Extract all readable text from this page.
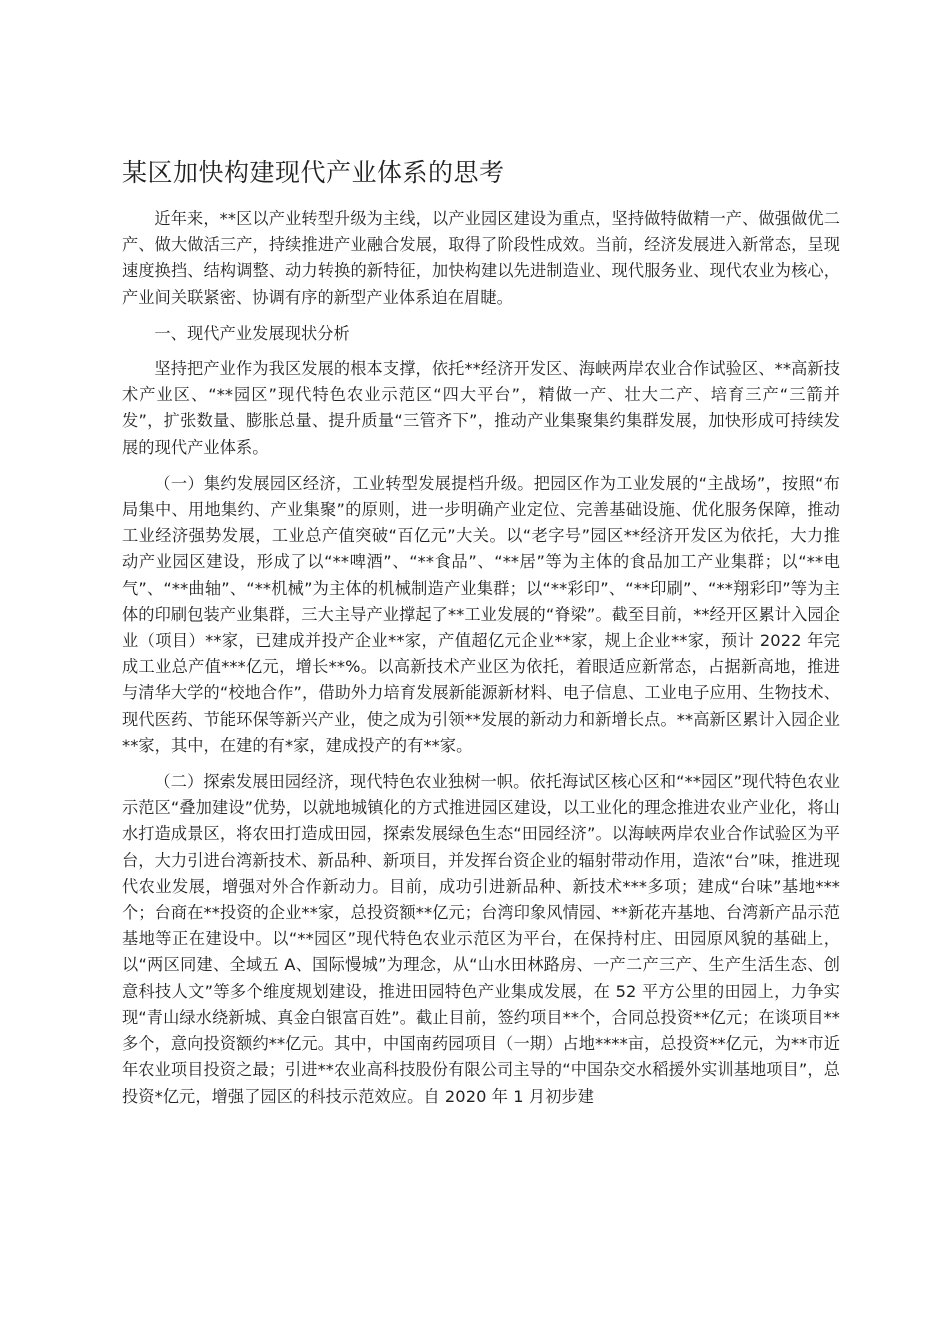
某区加快构建现代产业体系的思考

近年来，**区以产业转型升级为主线，以产业园区建设为重点，坚持做特做精一产、做强做优二产、做大做活三产，持续推进产业融合发展，取得了阶段性成效。当前，经济发展进入新常态，呈现速度换挡、结构调整、动力转换的新特征，加快构建以先进制造业、现代服务业、现代农业为核心，产业间关联紧密、协调有序的新型产业体系迫在眉睫。

一、现代产业发展现状分析

坚持把产业作为我区发展的根本支撑，依托**经济开发区、海峡两岸农业合作试验区、**高新技术产业区、“**园区”现代特色农业示范区“四大平台”，精做一产、壮大二产、培育三产“三箭并发”，扩张数量、膨胀总量、提升质量“三管齐下”，推动产业集聚集约集群发展，加快形成可持续发展的现代产业体系。

（一）集约发展园区经济，工业转型发展提档升级。把园区作为工业发展的“主战场”，按照“布局集中、用地集约、产业集聚”的原则，进一步明确产业定位、完善基础设施、优化服务保障，推动工业经济强势发展，工业总产值突破“百亿元”大关。以“老字号”园区**经济开发区为依托，大力推动产业园区建设，形成了以“**啤酒”、“**食品”、“**居”等为主体的食品加工产业集群；以“**电气”、“**曲轴”、“**机械”为主体的机械制造产业集群；以“**彩印”、“**印刷”、“**翔彩印”等为主体的印刷包装产业集群，三大主导产业撑起了**工业发展的“脊梁”。截至目前，**经开区累计入园企业（项目）**家，已建成并投产企业**家，产值超亿元企业**家，规上企业**家，预计 2022 年完成工业总产值***亿元，增长**%。以高新技术产业区为依托，着眼适应新常态，占据新高地，推进与清华大学的“校地合作”，借助外力培育发展新能源新材料、电子信息、工业电子应用、生物技术、现代医药、节能环保等新兴产业，使之成为引领**发展的新动力和新增长点。**高新区累计入园企业**家，其中，在建的有*家，建成投产的有**家。

（二）探索发展田园经济，现代特色农业独树一帜。依托海试区核心区和“**园区”现代特色农业示范区“叠加建设”优势，以就地城镇化的方式推进园区建设，以工业化的理念推进农业产业化，将山水打造成景区，将农田打造成田园，探索发展绿色生态“田园经济”。以海峡两岸农业合作试验区为平台，大力引进台湾新技术、新品种、新项目，并发挥台资企业的辐射带动作用，造浓“台”味，推进现代农业发展，增强对外合作新动力。目前，成功引进新品种、新技术***多项；建成“台味”基地***个；台商在**投资的企业**家，总投资额**亿元；台湾印象风情园、**新花卉基地、台湾新产品示范基地等正在建设中。以“**园区”现代特色农业示范区为平台，在保持村庄、田园原风貌的基础上，以“两区同建、全域五 A、国际慢城”为理念，从“山水田林路房、一产二产三产、生产生活生态、创意科技人文”等多个维度规划建设，推进田园特色产业集成发展，在 52 平方公里的田园上，力争实现“青山绿水绕新城、真金白银富百姓”。截止目前，签约项目**个，合同总投资**亿元；在谈项目**多个，意向投资额约**亿元。其中，中国南药园项目（一期）占地****亩，总投资**亿元，为**市近年农业项目投资之最；引进**农业高科技股份有限公司主导的“中国杂交水稻援外实训基地项目”，总投资*亿元，增强了园区的科技示范效应。自 2020 年 1 月初步建
